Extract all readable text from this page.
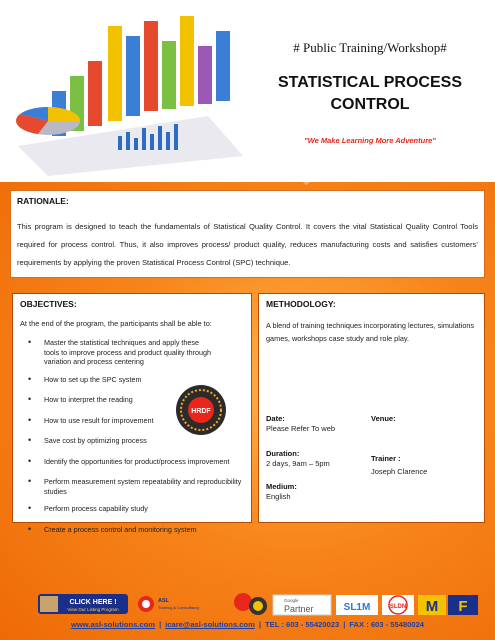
# Public Training/Workshop#
STATISTICAL PROCESS
CONTROL
"We Make Learning More Adventure"
RATIONALE:

This program is designed to teach the fundamentals of Statistical Quality Control. It covers the vital Statistical Quality Control Tools required for process control. Thus, it also improves process/ product quality, reduces manufacturing costs and satisfies customers’ requirements by applying the proven Statistical Process Control (SPC) technique.

OBJECTIVES:
At the end of the program, the participants shall be able to:
• Master the statistical techniques and apply these tools to improve process and product quality through variation and process centering
• How to set up the SPC system
• How to interpret the reading
• How to use result for improvement
• Save cost by optimizing process
• Identify the opportunities for product/process improvement
• Perform measurement system repeatability and reproducibility studies
• Perform process capability study
• Create a process control and monitoring system
HRDF
METHODOLOGY:

A blend of training techniques incorporating lectures, simulations games, workshops case study and role play.

Date:
Please Refer To web
Venue:
Duration:
2 days, 9am – 5pm
Trainer :
Joseph Clarence
Medium:
English
CLICK HERE !
View Our Listing Program
ASL
Training & Consultancy
Google
Partner	SL1M	SLDN M F
www.asl-solutions.com | icare@asl-solutions.com | TEL : 603 - 55420023 | FAX : 603 - 55480024
